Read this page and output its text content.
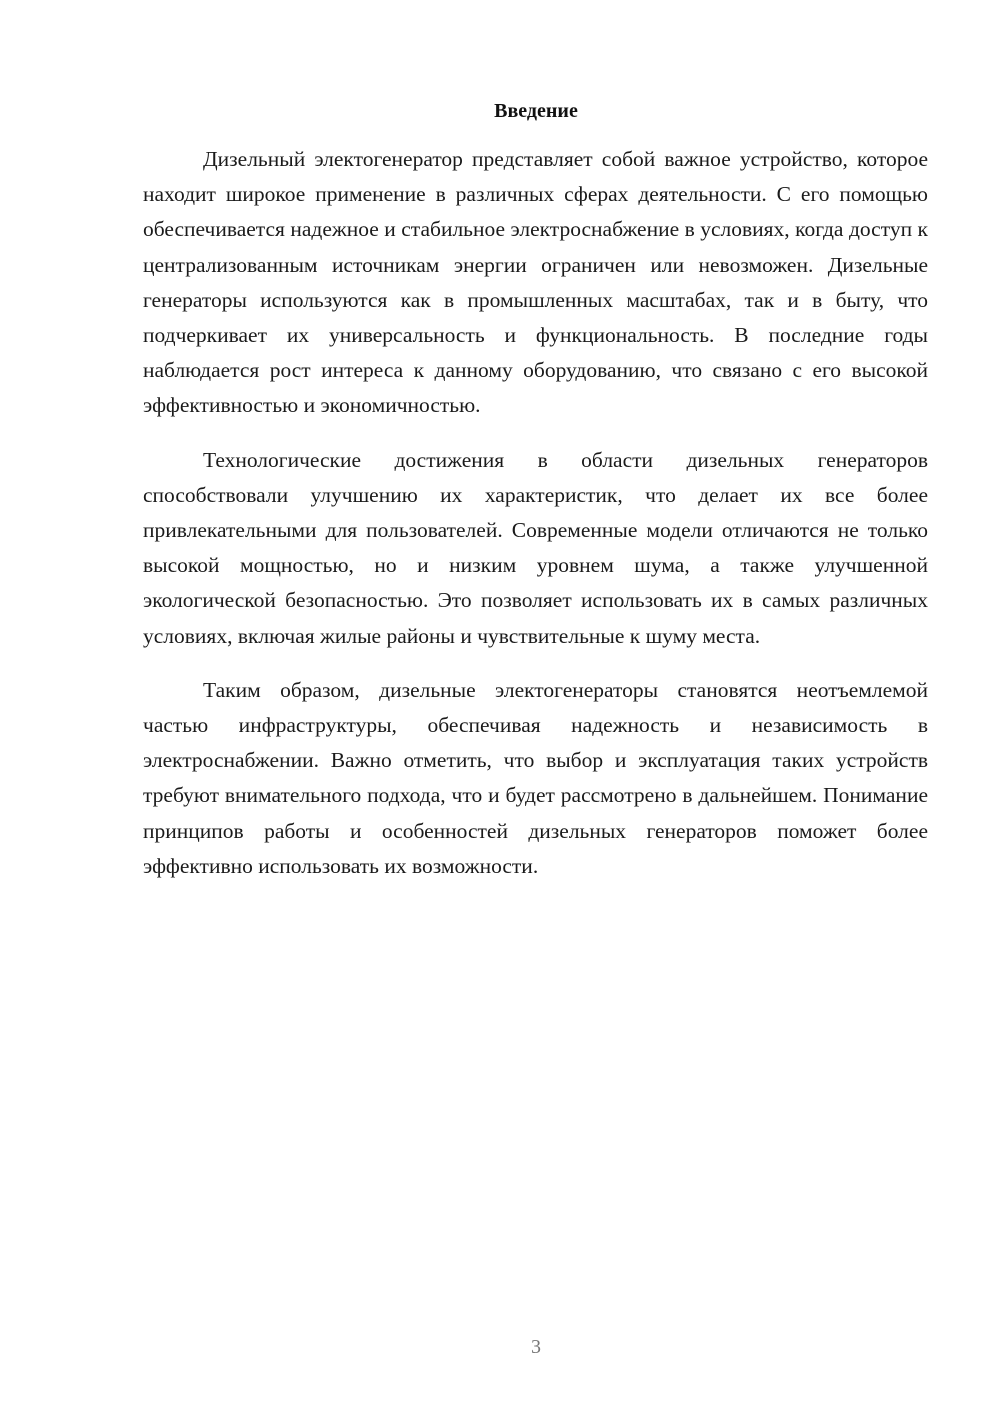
Введение

Дизельный электогенератор представляет собой важное устройство, которое находит широкое применение в различных сферах деятельности. С его помощью обеспечивается надежное и стабильное электроснабжение в условиях, когда доступ к централизованным источникам энергии ограничен или невозможен. Дизельные генераторы используются как в промышленных масштабах, так и в быту, что подчеркивает их универсальность и функциональность. В последние годы наблюдается рост интереса к данному оборудованию, что связано с его высокой эффективностью и экономичностью.

Технологические достижения в области дизельных генераторов способствовали улучшению их характеристик, что делает их все более привлекательными для пользователей. Современные модели отличаются не только высокой мощностью, но и низким уровнем шума, а также улучшенной экологической безопасностью. Это позволяет использовать их в самых различных условиях, включая жилые районы и чувствительные к шуму места.

Таким образом, дизельные электогенераторы становятся неотъемлемой частью инфраструктуры, обеспечивая надежность и независимость в электроснабжении. Важно отметить, что выбор и эксплуатация таких устройств требуют внимательного подхода, что и будет рассмотрено в дальнейшем. Понимание принципов работы и особенностей дизельных генераторов поможет более эффективно использовать их возможности.

3
